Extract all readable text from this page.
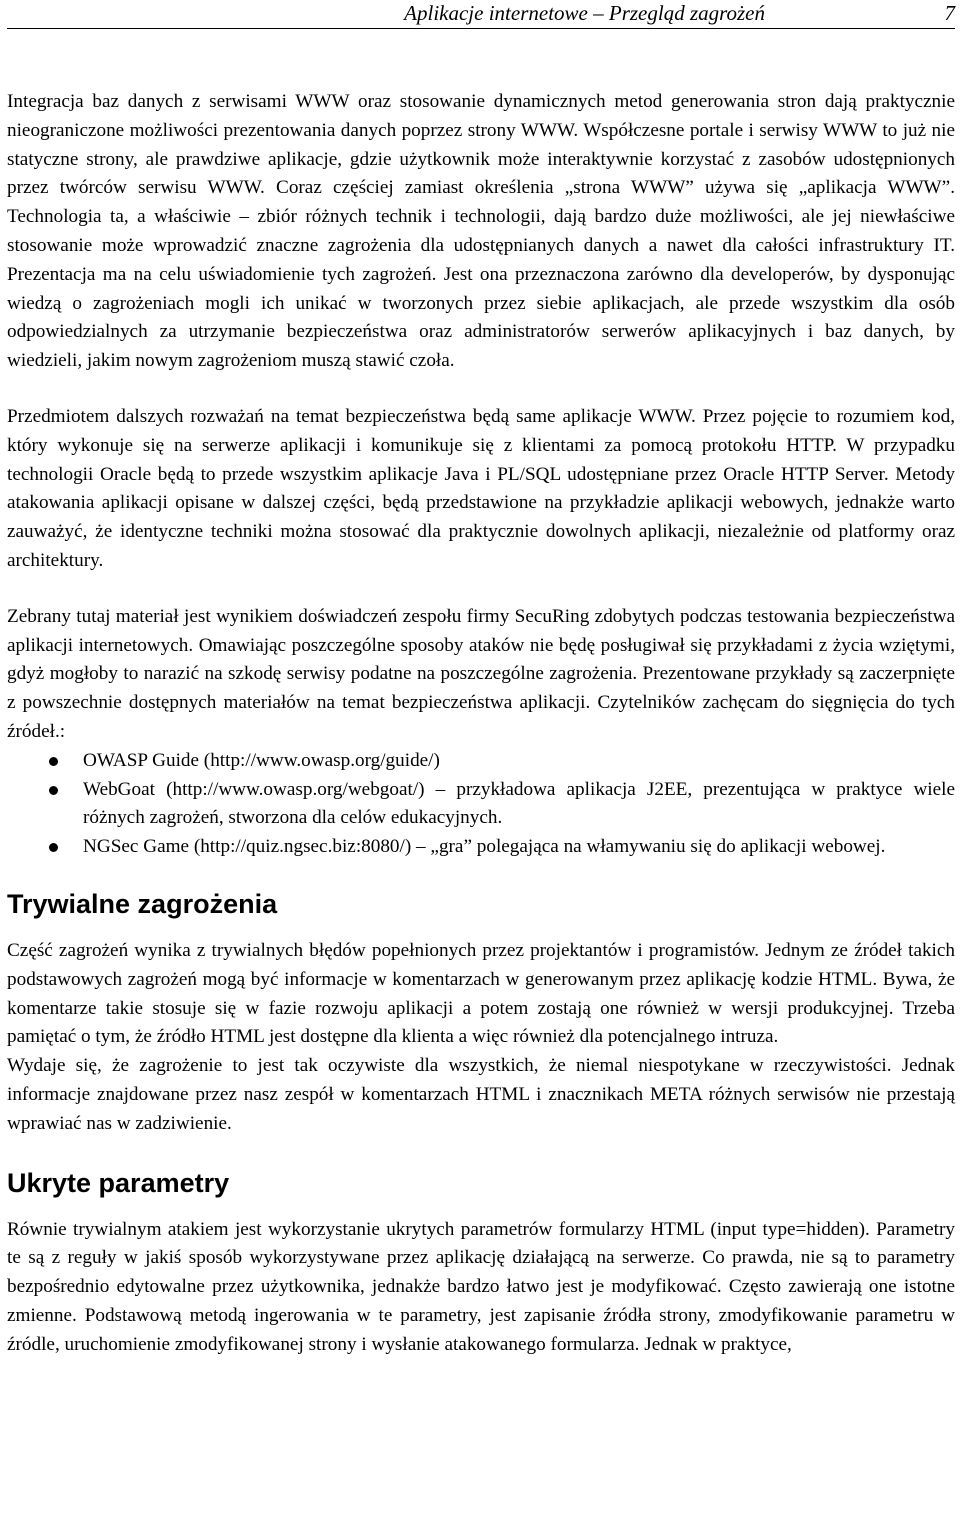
Aplikacje internetowe – Przegląd zagrożeń	7

Integracja baz danych z serwisami WWW oraz stosowanie dynamicznych metod generowania stron dają praktycznie nieograniczone możliwości prezentowania danych poprzez strony WWW. Współczesne portale i serwisy WWW to już nie statyczne strony, ale prawdziwe aplikacje, gdzie użytkownik może interaktywnie korzystać z zasobów udostępnionych przez twórców serwisu WWW. Coraz częściej zamiast określenia „strona WWW” używa się „aplikacja WWW”. Technologia ta, a właściwie – zbiór różnych technik i technologii, dają bardzo duże możliwości, ale jej niewłaściwe stosowanie może wprowadzić znaczne zagrożenia dla udostępnianych danych a nawet dla całości infrastruktury IT. Prezentacja ma na celu uświadomienie tych zagrożeń. Jest ona przeznaczona zarówno dla developerów, by dysponując wiedzą o zagrożeniach mogli ich unikać w tworzonych przez siebie aplikacjach, ale przede wszystkim dla osób odpowiedzialnych za utrzymanie bezpieczeństwa oraz administratorów serwerów aplikacyjnych i baz danych, by wiedzieli, jakim nowym zagrożeniom muszą stawić czoła.

Przedmiotem dalszych rozważań na temat bezpieczeństwa będą same aplikacje WWW. Przez pojęcie to rozumiem kod, który wykonuje się na serwerze aplikacji i komunikuje się z klientami za pomocą protokołu HTTP. W przypadku technologii Oracle będą to przede wszystkim aplikacje Java i PL/SQL udostępniane przez Oracle HTTP Server. Metody atakowania aplikacji opisane w dalszej części, będą przedstawione na przykładzie aplikacji webowych, jednakże warto zauważyć, że identyczne techniki można stosować dla praktycznie dowolnych aplikacji, niezależnie od platformy oraz architektury.

Zebrany tutaj materiał jest wynikiem doświadczeń zespołu firmy SecuRing zdobytych podczas testowania bezpieczeństwa aplikacji internetowych. Omawiając poszczególne sposoby ataków nie będę posługiwał się przykładami z życia wziętymi, gdyż mogłoby to narazić na szkodę serwisy podatne na poszczególne zagrożenia. Prezentowane przykłady są zaczerpnięte z powszechnie dostępnych materiałów na temat bezpieczeństwa aplikacji. Czytelników zachęcam do sięgnięcia do tych źródeł.:

OWASP Guide (http://www.owasp.org/guide/)
WebGoat (http://www.owasp.org/webgoat/) – przykładowa aplikacja J2EE, prezentująca w praktyce wiele różnych zagrożeń, stworzona dla celów edukacyjnych.
NGSec Game (http://quiz.ngsec.biz:8080/) – „gra” polegająca na włamywaniu się do aplikacji webowej.
Trywialne zagrożenia

Część zagrożeń wynika z trywialnych błędów popełnionych przez projektantów i programistów. Jednym ze źródeł takich podstawowych zagrożeń mogą być informacje w komentarzach w generowanym przez aplikację kodzie HTML. Bywa, że komentarze takie stosuje się w fazie rozwoju aplikacji a potem zostają one również w wersji produkcyjnej. Trzeba pamiętać o tym, że źródło HTML jest dostępne dla klienta a więc również dla potencjalnego intruza.

Wydaje się, że zagrożenie to jest tak oczywiste dla wszystkich, że niemal niespotykane w rzeczywistości. Jednak informacje znajdowane przez nasz zespół w komentarzach HTML i znacznikach META różnych serwisów nie przestają wprawiać nas w zadziwienie.

Ukryte parametry

Równie trywialnym atakiem jest wykorzystanie ukrytych parametrów formularzy HTML (input type=hidden). Parametry te są z reguły w jakiś sposób wykorzystywane przez aplikację działającą na serwerze. Co prawda, nie są to parametry bezpośrednio edytowalne przez użytkownika, jednakże bardzo łatwo jest je modyfikować. Często zawierają one istotne zmienne. Podstawową metodą ingerowania w te parametry, jest zapisanie źródła strony, zmodyfikowanie parametru w źródle, uruchomienie zmodyfikowanej strony i wysłanie atakowanego formularza. Jednak w praktyce,
